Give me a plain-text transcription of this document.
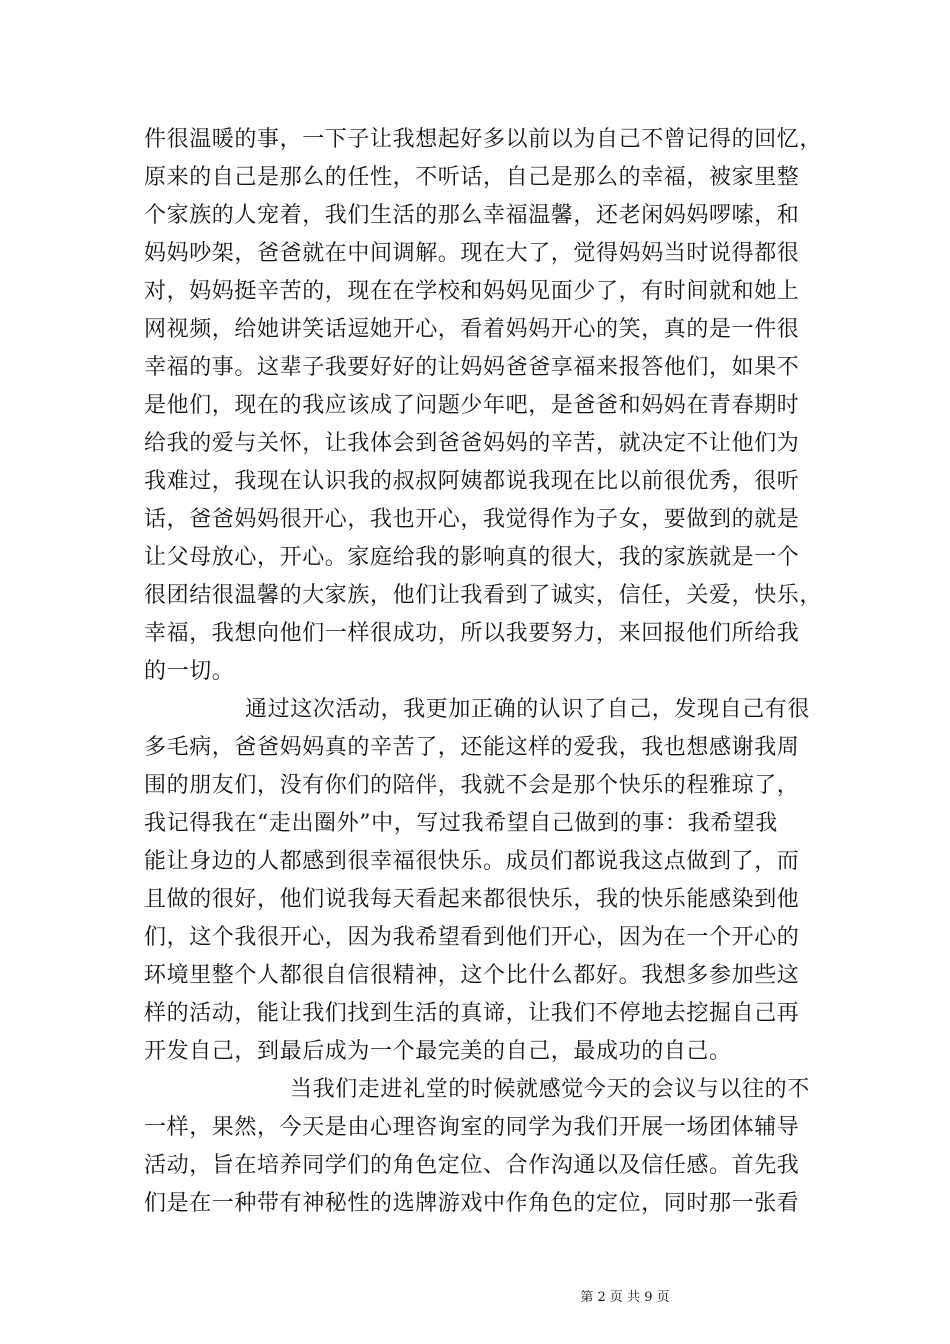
件很温暖的事，一下子让我想起好多以前以为自己不曾记得的回忆，
原来的自己是那么的任性，不听话，自己是那么的幸福，被家里整
个家族的人宠着，我们生活的那么幸福温馨，还老闲妈妈啰嗦，和
妈妈吵架，爸爸就在中间调解。现在大了，觉得妈妈当时说得都很
对，妈妈挺辛苦的，现在在学校和妈妈见面少了，有时间就和她上
网视频，给她讲笑话逗她开心，看着妈妈开心的笑，真的是一件很
幸福的事。这辈子我要好好的让妈妈爸爸享福来报答他们，如果不
是他们，现在的我应该成了问题少年吧，是爸爸和妈妈在青春期时
给我的爱与关怀，让我体会到爸爸妈妈的辛苦，就决定不让他们为
我难过，我现在认识我的叔叔阿姨都说我现在比以前很优秀，很听
话，爸爸妈妈很开心，我也开心，我觉得作为子女，要做到的就是
让父母放心，开心。家庭给我的影响真的很大，我的家族就是一个
很团结很温馨的大家族，他们让我看到了诚实，信任，关爱，快乐，
幸福，我想向他们一样很成功，所以我要努力，来回报他们所给我
的一切。
通过这次活动，我更加正确的认识了自己，发现自己有很
多毛病，爸爸妈妈真的辛苦了，还能这样的爱我，我也想感谢我周
围的朋友们，没有你们的陪伴，我就不会是那个快乐的程雅琼了，
我记得我在“走出圈外”中，写过我希望自己做到的事：我希望我
能让身边的人都感到很幸福很快乐。成员们都说我这点做到了，而
且做的很好，他们说我每天看起来都很快乐，我的快乐能感染到他
们，这个我很开心，因为我希望看到他们开心，因为在一个开心的
环境里整个人都很自信很精神，这个比什么都好。我想多参加些这
样的活动，能让我们找到生活的真谛，让我们不停地去挖掘自己再
开发自己，到最后成为一个最完美的自己，最成功的自己。
当我们走进礼堂的时候就感觉今天的会议与以往的不
一样，果然，今天是由心理咨询室的同学为我们开展一场团体辅导
活动，旨在培养同学们的角色定位、合作沟通以及信任感。首先我
们是在一种带有神秘性的选牌游戏中作角色的定位，同时那一张看
第 2 页 共 9 页
